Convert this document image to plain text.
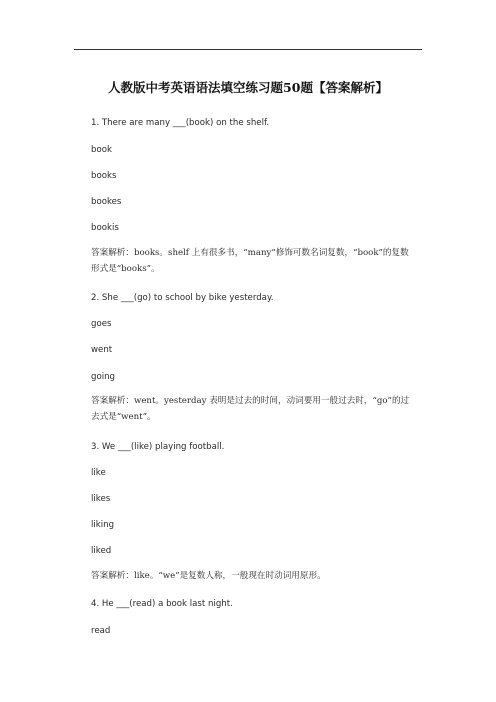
人教版中考英语语法填空练习题50题【答案解析】
1. There are many ___(book) on the shelf.
book
books
bookes
bookis
答案解析：books。shelf 上有很多书，“many”修饰可数名词复数，“book”的复数形式是“books”。
2. She ___(go) to school by bike yesterday.
goes
went
going
答案解析：went。yesterday 表明是过去的时间，动词要用一般过去时，“go”的过去式是“went”。
3. We ___(like) playing football.
like
likes
liking
liked
答案解析：like。“we”是复数人称，一般现在时动词用原形。
4. He ___(read) a book last night.
read
